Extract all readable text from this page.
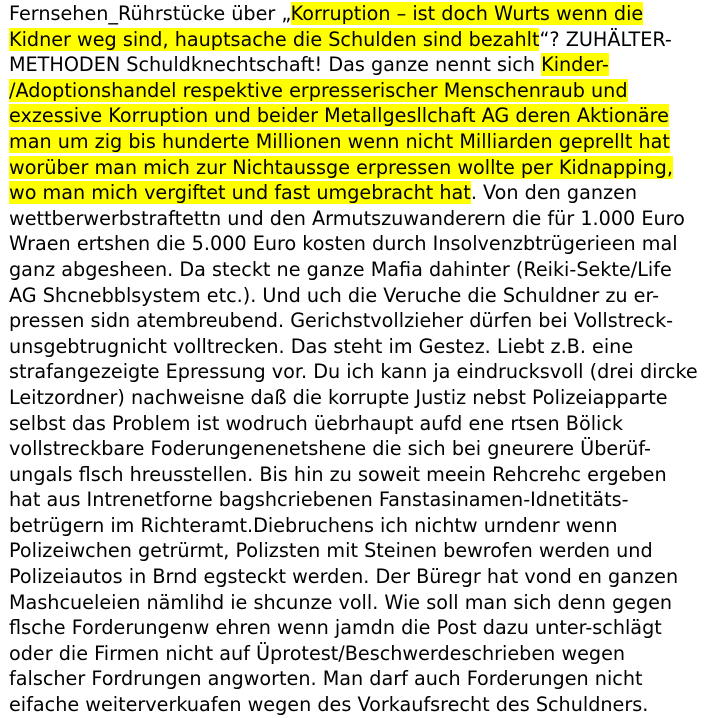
Fernsehen_Rührstücke über „Korruption – ist doch Wurts wenn die
Kidner weg sind, hauptsache die Schulden sind bezahlt“? ZUHÄLTER-
METHODEN Schuldknechtschaft! Das ganze nennt sich Kinder-
/Adoptionshandel respektive erpresserischer Menschenraub und
exzessive Korruption und beider Metallgesllchaft AG deren Aktionäre
man um zig bis hunderte Millionen wenn nicht Milliarden geprellt hat
worüber man mich zur Nichtaussge erpressen wollte per Kidnapping,
wo man mich vergiftet und fast umgebracht hat. Von den ganzen
wettberwerbstraftettn und den Armutszuwanderern die für 1.000 Euro
Wraen ertshen die 5.000 Euro kosten durch Insolvenzbtrügerieen mal
ganz abgesheen. Da steckt ne ganze Mafia dahinter (Reiki-Sekte/Life
AG Shcnebblsystem etc.). Und uch die Veruche die Schuldner zu er-
pressen sidn atembreubend. Gerichstvollzieher dürfen bei Vollstreck-
unsgebtrugnicht volltrecken. Das steht im Gestez. Liebt z.B. eine
strafangezeigte Epressung vor. Du ich kann ja eindrucksvoll (drei dircke
Leitzordner) nachweisne daß die korrupte Justiz nebst Polizeiapparte
selbst das Problem ist wodruch üebrhaupt aufd ene rtsen Bölick
vollstreckbare Foderungenenetshene die sich bei gneurere Überüf-
ungals flsch hreusstellen. Bis hin zu soweit meein Rehcrehc ergeben
hat aus Intrenetforne bagshcriebenen Fanstasinamen-Idnetitäts-
betrügern im Richteramt.Diebruchens ich nichtw urndenr wenn
Polizeiwchen getrürmt, Polizsten mit Steinen bewrofen werden und
Polizeiautos in Brnd egsteckt werden. Der Büregr hat vond en ganzen
Mashcueleien nämlihd ie shcunze voll. Wie soll man sich denn gegen
flsche Forderungenw ehren wenn jamdn die Post dazu unter-schlägt
oder die Firmen nicht auf Üprotest/Beschwerdeschrieben wegen
falscher Fordrungen angworten. Man darf auch Forderungen nicht
eifache weiterverkuafen wegen des Vorkaufsrecht des Schuldners.
